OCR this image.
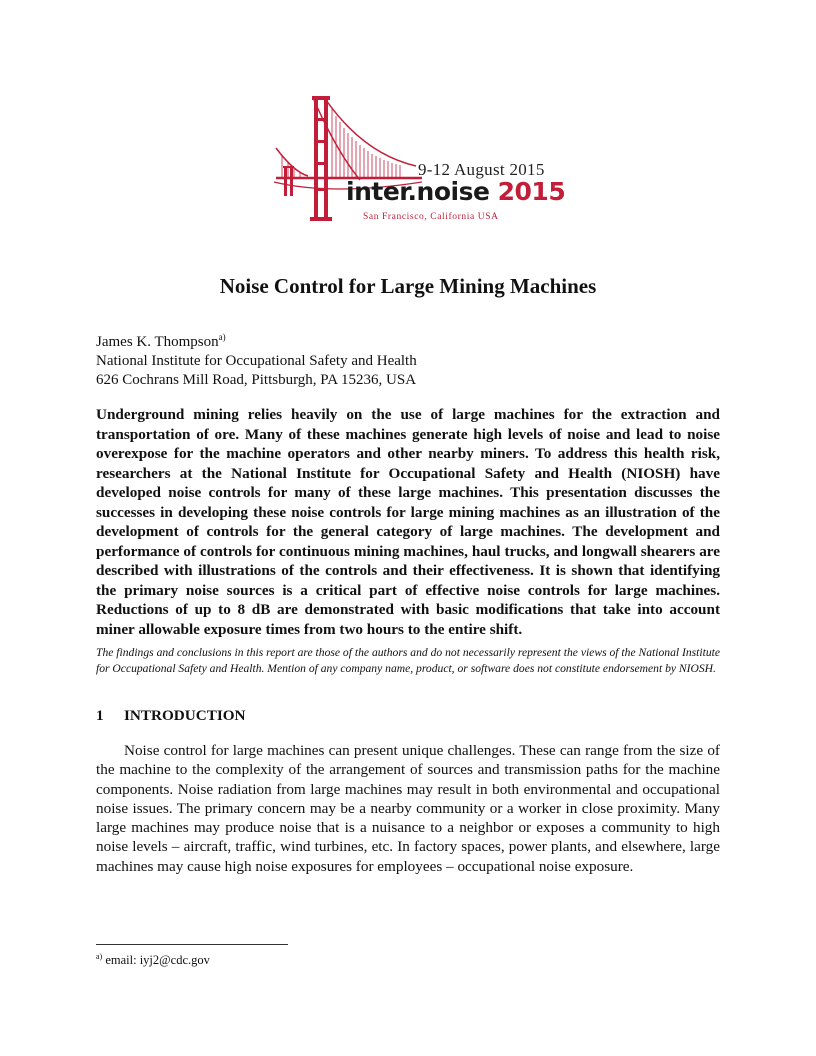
9-12 August 2015
inter.noise 2015
San Francisco, California USA
Noise Control for Large Mining Machines
James K. Thompson$^{a)}$
National Institute for Occupational Safety and Health
626 Cochrans Mill Road, Pittsburgh, PA 15236, USA
Underground mining relies heavily on the use of large machines for the extraction and transportation of ore. Many of these machines generate high levels of noise and lead to noise overexpose for the machine operators and other nearby miners. To address this health risk, researchers at the National Institute for Occupational Safety and Health (NIOSH) have developed noise controls for many of these large machines. This presentation discusses the successes in developing these noise controls for large mining machines as an illustration of the development of controls for the general category of large machines. The development and performance of controls for continuous mining machines, haul trucks, and longwall shearers are described with illustrations of the controls and their effectiveness. It is shown that identifying the primary noise sources is a critical part of effective noise controls for large machines. Reductions of up to 8 dB are demonstrated with basic modifications that take into account miner allowable exposure times from two hours to the entire shift.
The findings and conclusions in this report are those of the authors and do not necessarily represent the views of the National Institute for Occupational Safety and Health. Mention of any company name, product, or software does not constitute endorsement by NIOSH.
1 INTRODUCTION

Noise control for large machines can present unique challenges. These can range from the size of the machine to the complexity of the arrangement of sources and transmission paths for the machine components. Noise radiation from large machines may result in both environmental and occupational noise issues. The primary concern may be a nearby community or a worker in close proximity. Many large machines may produce noise that is a nuisance to a neighbor or exposes a community to high noise levels – aircraft, traffic, wind turbines, etc. In factory spaces, power plants, and elsewhere, large machines may cause high noise exposures for employees – occupational noise exposure.

$^{a)}$ email: iyj2@cdc.gov
